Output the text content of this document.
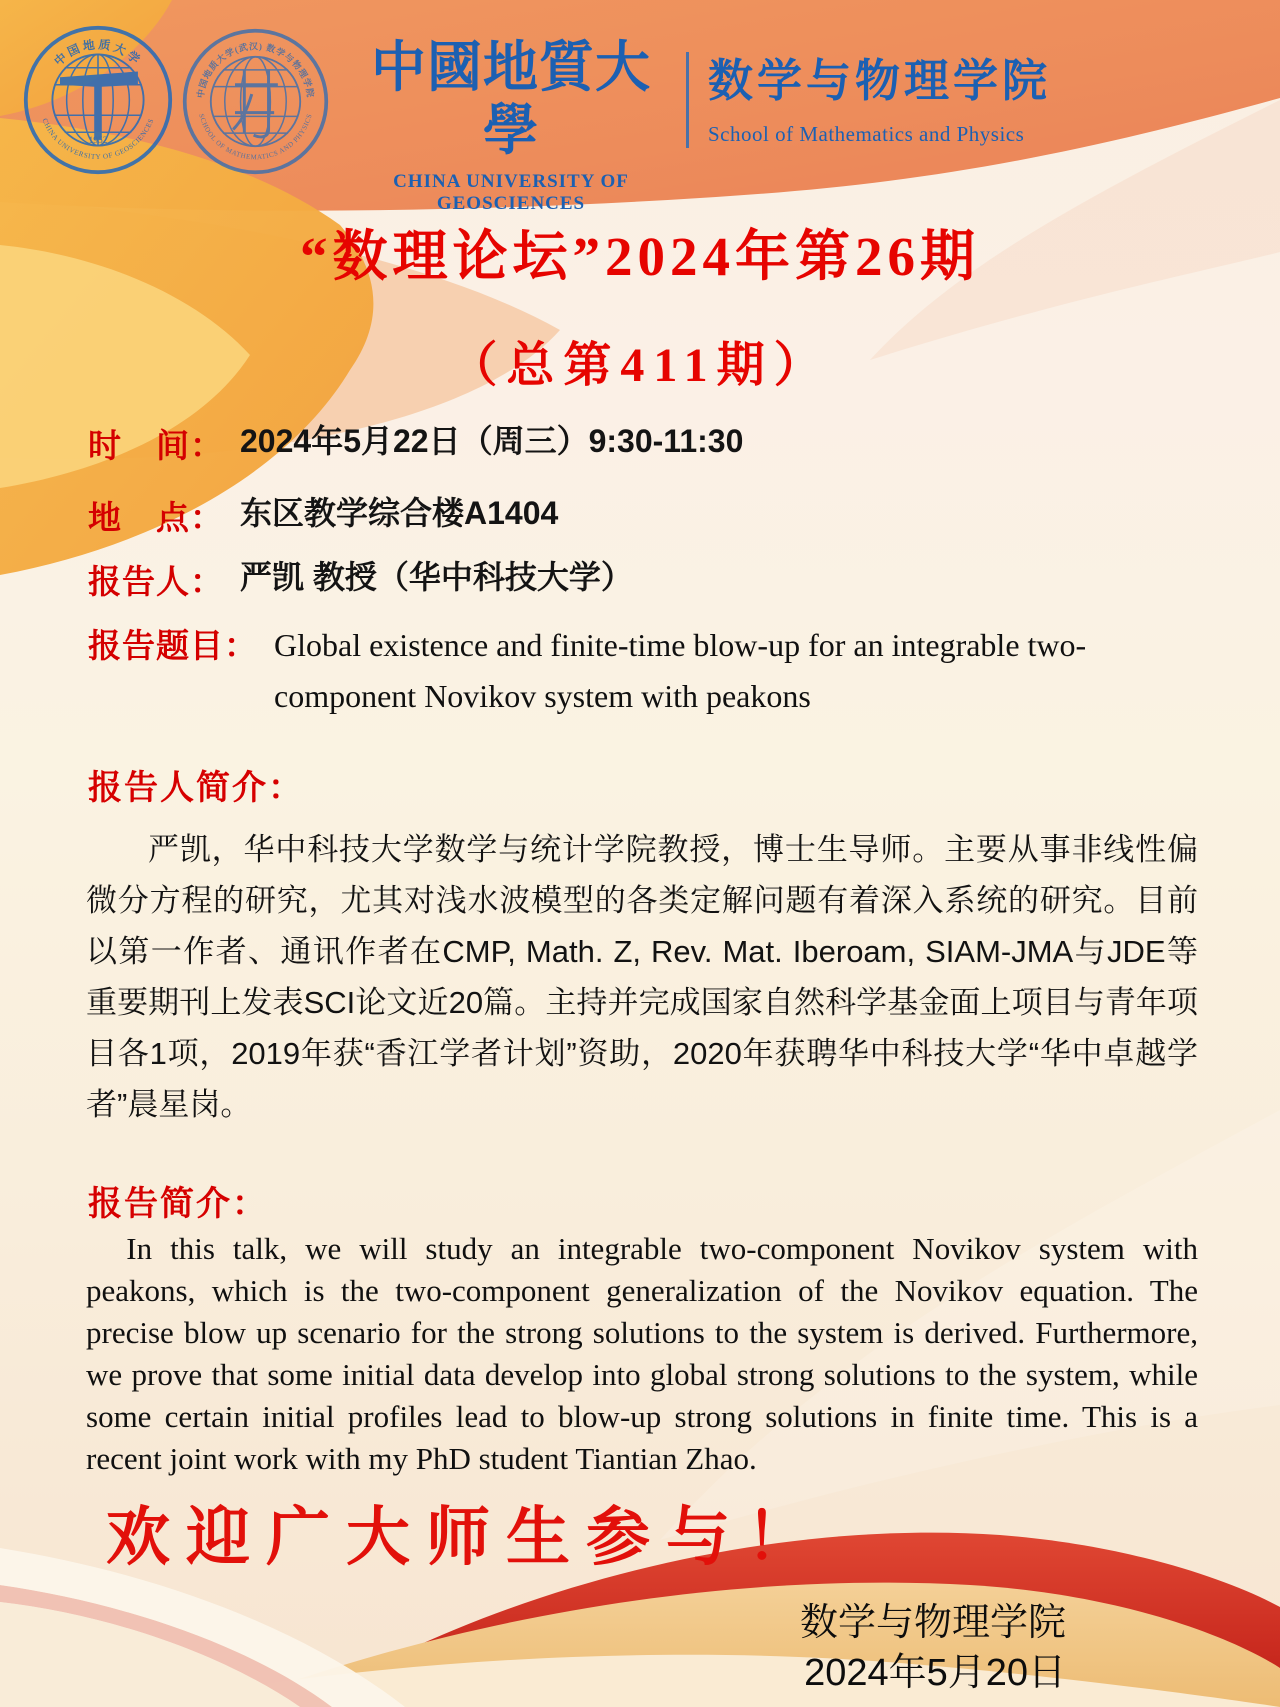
中国地质大学
CHINA UNIVERSITY OF GEOSCIENCES
1952
中国地质大学(武汉) 数学与物理学院
SCHOOL OF MATHEMATICS AND PHYSICS
中國地質大學
CHINA UNIVERSITY OF GEOSCIENCES
数学与物理学院
School of Mathematics and Physics
“数理论坛”2024年第26期
（总第411期）
时　间： 2024年5月22日（周三）9:30-11:30
地　点： 东区教学综合楼A1404
报告人： 严凯 教授（华中科技大学）
报告题目： Global existence and finite-time blow-up for an integrable two-component Novikov system with peakons
报告人简介：
严凯，华中科技大学数学与统计学院教授，博士生导师。主要从事非线性偏微分方程的研究，尤其对浅水波模型的各类定解问题有着深入系统的研究。目前以第一作者、通讯作者在CMP, Math. Z, Rev. Mat. Iberoam, SIAM-JMA与JDE等重要期刊上发表SCI论文近20篇。主持并完成国家自然科学基金面上项目与青年项目各1项，2019年获“香江学者计划”资助，2020年获聘华中科技大学“华中卓越学者”晨星岗。
报告简介：
In this talk, we will study an integrable two-component Novikov system with peakons, which is the two-component generalization of the Novikov equation. The precise blow up scenario for the strong solutions to the system is derived. Furthermore, we prove that some initial data develop into global strong solutions to the system, while some certain initial profiles lead to blow-up strong solutions in finite time. This is a recent joint work with my PhD student Tiantian Zhao.
欢迎广大师生参与！
数学与物理学院
2024年5月20日
